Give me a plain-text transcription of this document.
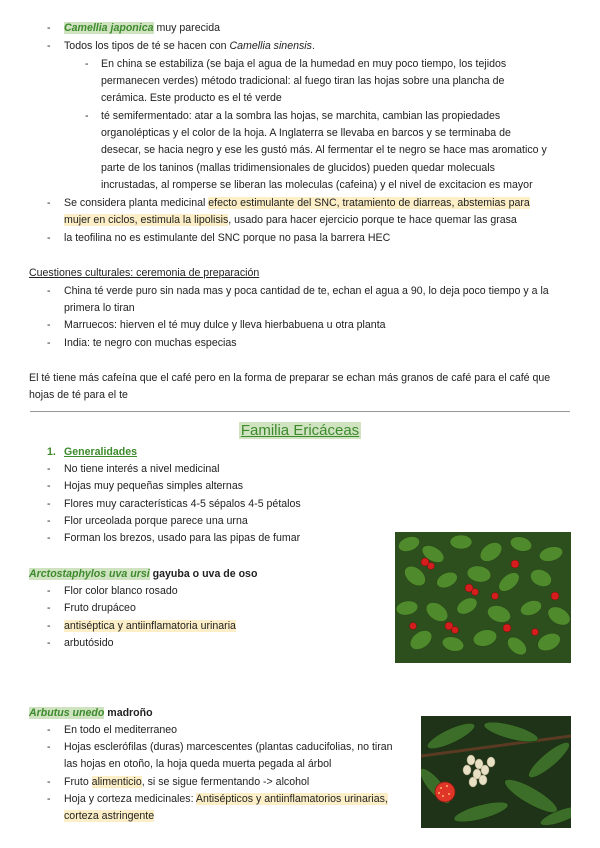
- Camellia japonica muy parecida
- Todos los tipos de té se hacen con Camellia sinensis.
- En china se estabiliza (se baja el agua de la humedad en muy poco tiempo, los tejidos
permanecen verdes) método tradicional: al fuego tiran las hojas sobre una plancha de
cerámica. Este producto es el té verde
- té semifermentado: atar a la sombra las hojas, se marchita, cambian las propiedades
organolépticas y el color de la hoja. A Inglaterra se llevaba en barcos y se terminaba de
desecar, se hacia negro y ese les gustó más. Al fermentar el te negro se hace mas aromatico y
parte de los taninos (mallas tridimensionales de glucidos) pueden quedar molecuals
incrustadas, al romperse se liberan las moleculas (cafeina) y el nivel de excitacion es mayor
- Se considera planta medicinal efecto estimulante del SNC, tratamiento de diarreas, abstemias para
mujer en ciclos, estimula la lipolisis, usado para hacer ejercicio porque te hace quemar las grasa
- la teofilina no es estimulante del SNC porque no pasa la barrera HEC
Cuestiones culturales: ceremonia de preparación
- China té verde puro sin nada mas y poca cantidad de te, echan el agua a 90, lo deja poco tiempo y a la
primera lo tiran
- Marruecos: hierven el té muy dulce y lleva hierbabuena u otra planta
- India: te negro con muchas especias
El té tiene más cafeína que el café pero en la forma de preparar se echan más granos de café para el café que
hojas de té para el te
Familia Ericáceas
1. Generalidades
- No tiene interés a nivel medicinal
- Hojas muy pequeñas simples alternas
- Flores muy características 4-5 sépalos 4-5 pétalos
- Flor urceolada porque parece una urna
- Forman los brezos, usado para las pipas de fumar
Arctostaphylos uva ursi gayuba o uva de oso
- Flor color blanco rosado
- Fruto drupáceo
- antiséptica y antiinflamatoria urinaria
- arbutósido
Arbutus unedo madroño
- En todo el mediterraneo
- Hojas esclerófilas (duras) marcescentes (plantas caducifolias, no tiran
las hojas en otoño, la hoja queda muerta pegada al árbol
- Fruto alimenticio, si se sigue fermentando -> alcohol
- Hoja y corteza medicinales: Antisépticos y antiinflamatorios urinarias,
corteza astringente
